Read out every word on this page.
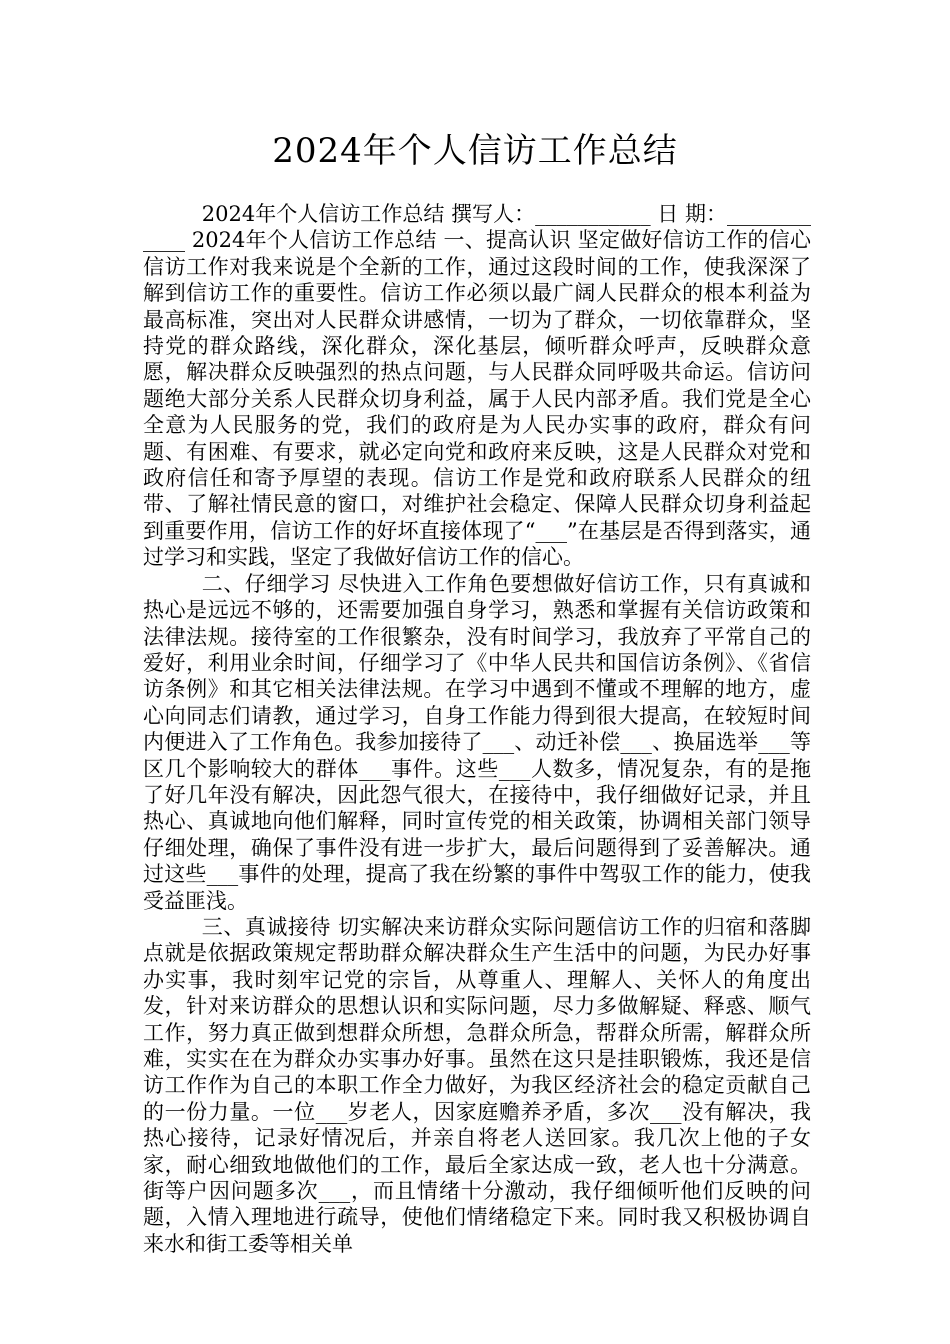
2024年个人信访工作总结

2024年个人信访工作总结 撰写人：___________ 日 期：____________ 2024年个人信访工作总结 一、提高认识 坚定做好信访工作的信心信访工作对我来说是个全新的工作，通过这段时间的工作，使我深深了解到信访工作的重要性。信访工作必须以最广阔人民群众的根本利益为最高标准，突出对人民群众讲感情，一切为了群众，一切依靠群众，坚持党的群众路线，深化群众，深化基层，倾听群众呼声，反映群众意愿，解决群众反映强烈的热点问题，与人民群众同呼吸共命运。信访问题绝大部分关系人民群众切身利益，属于人民内部矛盾。我们党是全心全意为人民服务的党，我们的政府是为人民办实事的政府，群众有问题、有困难、有要求，就必定向党和政府来反映，这是人民群众对党和政府信任和寄予厚望的表现。信访工作是党和政府联系人民群众的纽带、了解社情民意的窗口，对维护社会稳定、保障人民群众切身利益起到重要作用，信访工作的好坏直接体现了“___”在基层是否得到落实，通过学习和实践，坚定了我做好信访工作的信心。

二、仔细学习 尽快进入工作角色要想做好信访工作，只有真诚和热心是远远不够的，还需要加强自身学习，熟悉和掌握有关信访政策和法律法规。接待室的工作很繁杂，没有时间学习，我放弃了平常自己的爱好，利用业余时间，仔细学习了《中华人民共和国信访条例》、《省信访条例》和其它相关法律法规。在学习中遇到不懂或不理解的地方，虚心向同志们请教，通过学习，自身工作能力得到很大提高，在较短时间内便进入了工作角色。我参加接待了___、动迁补偿___、换届选举___等区几个影响较大的群体___事件。这些___人数多，情况复杂，有的是拖了好几年没有解决，因此怨气很大，在接待中，我仔细做好记录，并且热心、真诚地向他们解释，同时宣传党的相关政策，协调相关部门领导仔细处理，确保了事件没有进一步扩大，最后问题得到了妥善解决。通过这些___事件的处理，提高了我在纷繁的事件中驾驭工作的能力，使我受益匪浅。

三、真诚接待 切实解决来访群众实际问题信访工作的归宿和落脚点就是依据政策规定帮助群众解决群众生产生活中的问题，为民办好事办实事，我时刻牢记党的宗旨，从尊重人、理解人、关怀人的角度出发，针对来访群众的思想认识和实际问题，尽力多做解疑、释惑、顺气工作，努力真正做到想群众所想，急群众所急，帮群众所需，解群众所难，实实在在为群众办实事办好事。虽然在这只是挂职锻炼，我还是信访工作作为自己的本职工作全力做好，为我区经济社会的稳定贡献自己的一份力量。一位___岁老人，因家庭赡养矛盾，多次___没有解决，我热心接待，记录好情况后，并亲自将老人送回家。我几次上他的子女家，耐心细致地做他们的工作，最后全家达成一致，老人也十分满意。街等户因问题多次___，而且情绪十分激动，我仔细倾听他们反映的问题，入情入理地进行疏导，使他们情绪稳定下来。同时我又积极协调自来水和街工委等相关单
